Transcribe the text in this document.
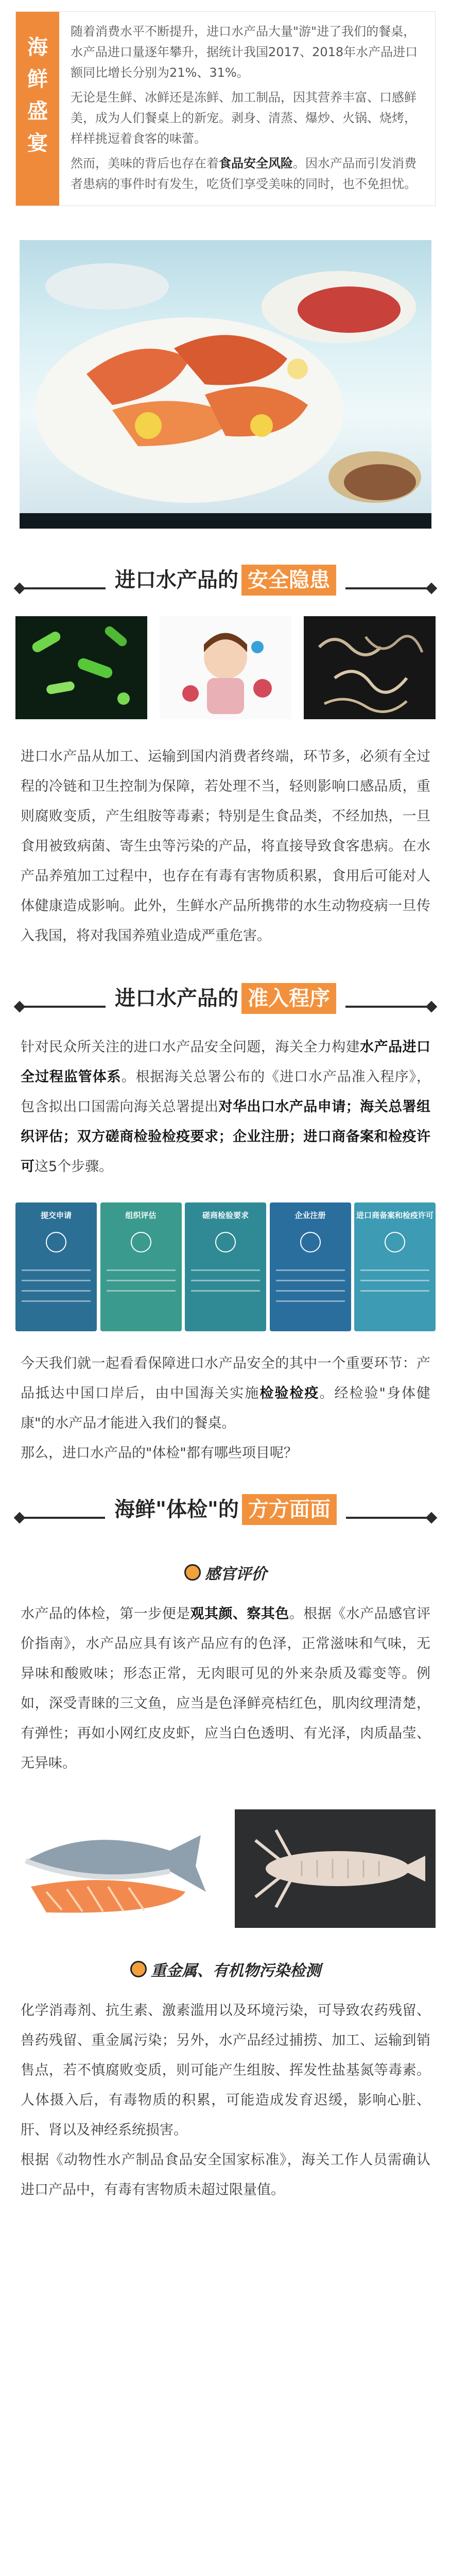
海
鲜
盛
宴

随着消费水平不断提升，进口水产品大量"游"进了我们的餐桌，水产品进口量逐年攀升，据统计我国2017、2018年水产品进口额同比增长分别为21%、31%。

无论是生鲜、冰鲜还是冻鲜、加工制品，因其营养丰富、口感鲜美，成为人们餐桌上的新宠。剥身、清蒸、爆炒、火锅、烧烤，样样挑逗着食客的味蕾。

然而，美味的背后也存在着食品安全风险。因水产品而引发消费者患病的事件时有发生，吃货们享受美味的同时，也不免担忧。

进口水产品的 安全隐患
进口水产品从加工、运输到国内消费者终端，环节多，必须有全过程的冷链和卫生控制为保障，若处理不当，轻则影响口感品质，重则腐败变质，产生组胺等毒素；特别是生食品类，不经加热，一旦食用被致病菌、寄生虫等污染的产品，将直接导致食客患病。在水产品养殖加工过程中，也存在有毒有害物质积累，食用后可能对人体健康造成影响。此外，生鲜水产品所携带的水生动物疫病一旦传入我国，将对我国养殖业造成严重危害。
进口水产品的 准入程序
针对民众所关注的进口水产品安全问题，海关全力构建水产品进口全过程监管体系。根据海关总署公布的《进口水产品准入程序》，包含拟出口国需向海关总署提出对华出口水产品申请；海关总署组织评估；双方磋商检验检疫要求；企业注册；进口商备案和检疫许可这5个步骤。
提交申请	组织评估	磋商检验要求	企业注册	进口商备案和检疫许可
今天我们就一起看看保障进口水产品安全的其中一个重要环节：产品抵达中国口岸后，由中国海关实施检验检疫。经检验"身体健康"的水产品才能进入我们的餐桌。
那么，进口水产品的"体检"都有哪些项目呢？
海鲜"体检"的 方方面面
感官评价
水产品的体检，第一步便是观其颜、察其色。根据《水产品感官评价指南》，水产品应具有该产品应有的色泽，正常滋味和气味，无异味和酸败味；形态正常，无肉眼可见的外来杂质及霉变等。例如，深受青睐的三文鱼，应当是色泽鲜亮桔红色，肌肉纹理清楚，有弹性；再如小网红皮皮虾，应当白色透明、有光泽，肉质晶莹、无异味。
重金属、有机物污染检测
化学消毒剂、抗生素、激素滥用以及环境污染，可导致农药残留、兽药残留、重金属污染；另外，水产品经过捕捞、加工、运输到销售点，若不慎腐败变质，则可能产生组胺、挥发性盐基氮等毒素。人体摄入后，有毒物质的积累，可能造成发育迟缓，影响心脏、肝、肾以及神经系统损害。
根据《动物性水产制品食品安全国家标准》，海关工作人员需确认进口产品中，有毒有害物质未超过限量值。
